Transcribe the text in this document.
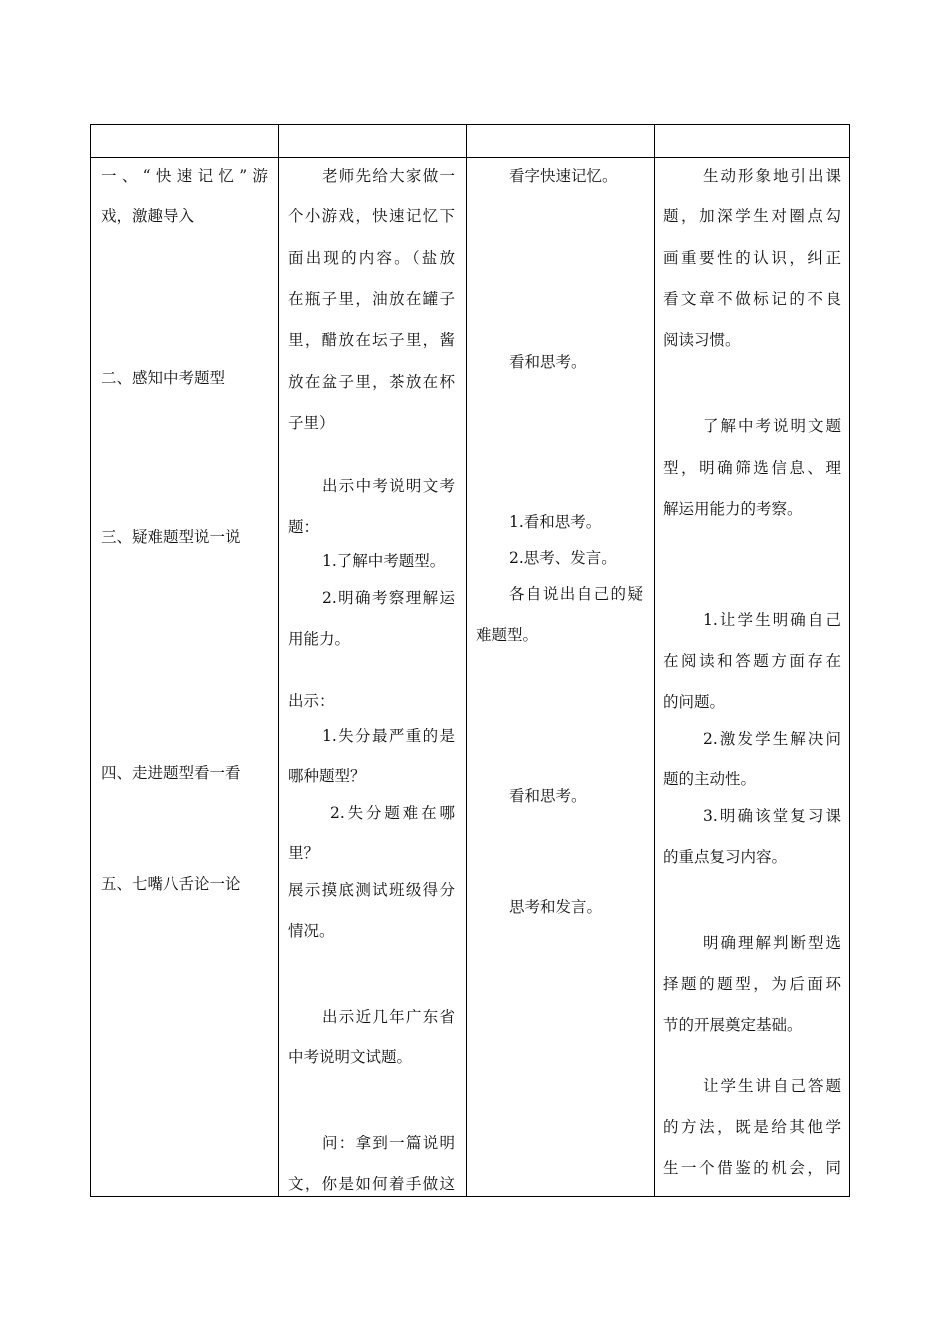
一、“快速记忆”游
戏，激趣导入
二、感知中考题型
三、疑难题型说一说
四、走进题型看一看
五、七嘴八舌论一论
老师先给大家做一
个小游戏，快速记忆下
面出现的内容。（盐放
在瓶子里，油放在罐子
里，醋放在坛子里，酱
放在盆子里，茶放在杯
子里）
出示中考说明文考
题：
1.了解中考题型。
2.明确考察理解运
用能力。
出示：
1.失分最严重的是
哪种题型？
2.失分题难在哪
里？
展示摸底测试班级得分
情况。
出示近几年广东省
中考说明文试题。
问：拿到一篇说明
文，你是如何着手做这
看字快速记忆。
看和思考。
1.看和思考。
2.思考、发言。
各自说出自己的疑
难题型。
看和思考。
思考和发言。
生动形象地引出课
题，加深学生对圈点勾
画重要性的认识，纠正
看文章不做标记的不良
阅读习惯。
了解中考说明文题
型，明确筛选信息、理
解运用能力的考察。
1.让学生明确自己
在阅读和答题方面存在
的问题。
2.激发学生解决问
题的主动性。
3.明确该堂复习课
的重点复习内容。
明确理解判断型选
择题的题型，为后面环
节的开展奠定基础。
让学生讲自己答题
的方法，既是给其他学
生一个借鉴的机会，同
